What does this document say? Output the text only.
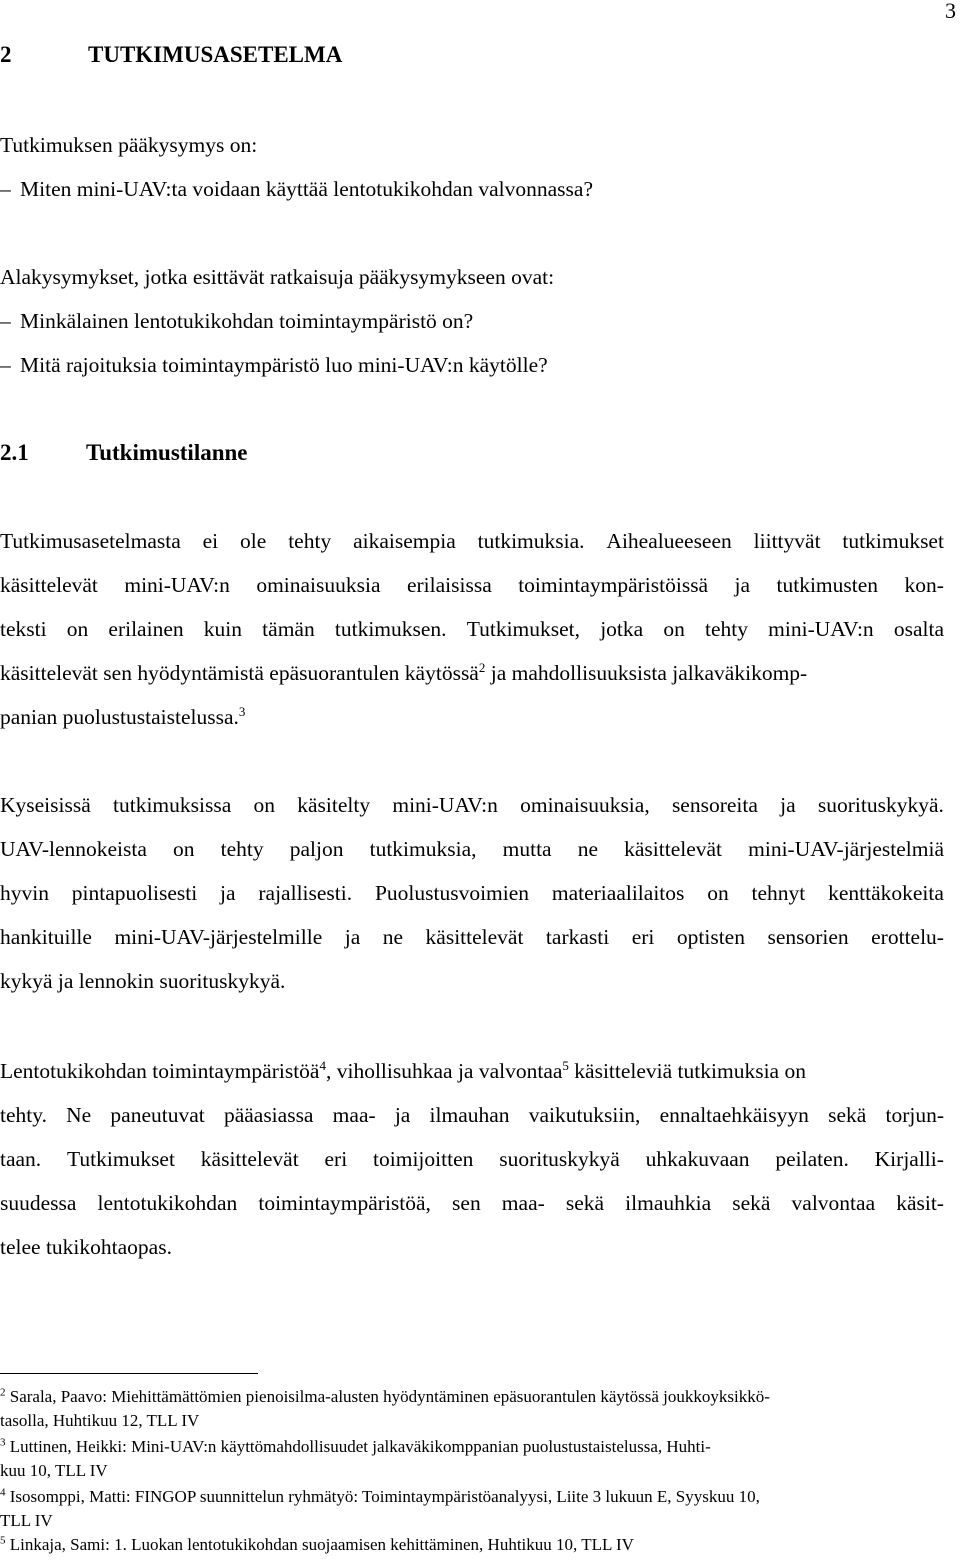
3
2	TUTKIMUSASETELMA
Tutkimuksen pääkysymys on:
– Miten mini-UAV:ta voidaan käyttää lentotukikohdan valvonnassa?
Alakysymykset, jotka esittävät ratkaisuja pääkysymykseen ovat:
– Minkälainen lentotukikohdan toimintaympäristö on?
– Mitä rajoituksia toimintaympäristö luo mini-UAV:n käytölle?
2.1 Tutkimustilanne
Tutkimusasetelmasta ei ole tehty aikaisempia tutkimuksia. Aihealueeseen liittyvät tutkimukset
käsittelevät mini-UAV:n ominaisuuksia erilaisissa toimintaympäristöissä ja tutkimusten kon-
teksti on erilainen kuin tämän tutkimuksen. Tutkimukset, jotka on tehty mini-UAV:n osalta
käsittelevät sen hyödyntämistä epäsuorantulen käytössä$^2$ ja mahdollisuuksista jalkaväkikomp-
panian puolustustaistelussa.$^3$
Kyseisissä tutkimuksissa on käsitelty mini-UAV:n ominaisuuksia, sensoreita ja suorituskykyä.
UAV-lennokeista on tehty paljon tutkimuksia, mutta ne käsittelevät mini-UAV-järjestelmiä
hyvin pintapuolisesti ja rajallisesti. Puolustusvoimien materiaalilaitos on tehnyt kenttäkokeita
hankituille mini-UAV-järjestelmille ja ne käsittelevät tarkasti eri optisten sensorien erottelu-
kykyä ja lennokin suorituskykyä.
Lentotukikohdan toimintaympäristöä$^4$, vihollisuhkaa ja valvontaa$^5$ käsitteleviä tutkimuksia on
tehty. Ne paneutuvat pääasiassa maa- ja ilmauhan vaikutuksiin, ennaltaehkäisyyn sekä torjun-
taan. Tutkimukset käsittelevät eri toimijoitten suorituskykyä uhkakuvaan peilaten. Kirjalli-
suudessa lentotukikohdan toimintaympäristöä, sen maa- sekä ilmauhkia sekä valvontaa käsit-
telee tukikohtaopas.
$^2$ Sarala, Paavo: Miehittämättömien pienoisilma-alusten hyödyntäminen epäsuorantulen käytössä joukkoyksikkö-
tasolla, Huhtikuu 12, TLL IV
$^3$ Luttinen, Heikki: Mini-UAV:n käyttömahdollisuudet jalkaväkikomppanian puolustustaistelussa, Huhti-
kuu 10, TLL IV
$^4$ Isosomppi, Matti: FINGOP suunnittelun ryhmätyö: Toimintaympäristöanalyysi, Liite 3 lukuun E, Syyskuu 10,
TLL IV
$^5$ Linkaja, Sami: 1. Luokan lentotukikohdan suojaamisen kehittäminen, Huhtikuu 10, TLL IV
